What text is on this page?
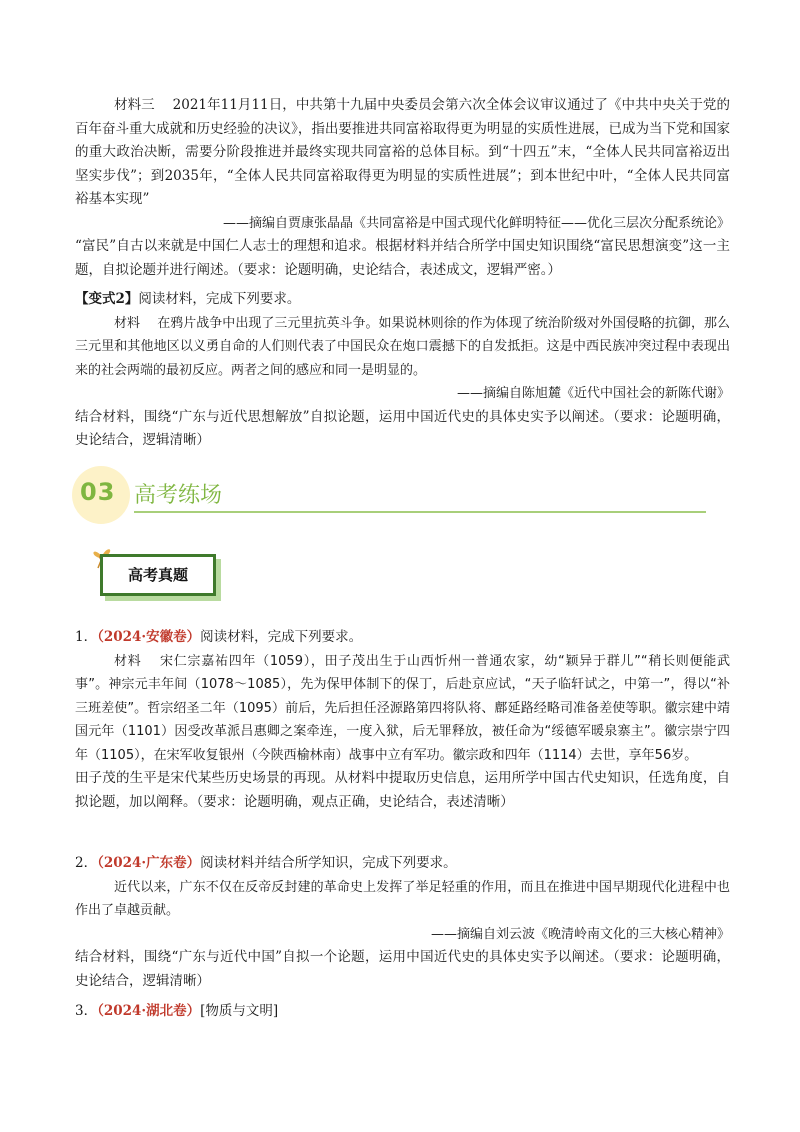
材料三　 2021年11月11日，中共第十九届中央委员会第六次全体会议审议通过了《中共中央关于党的百年奋斗重大成就和历史经验的决议》，指出要推进共同富裕取得更为明显的实质性进展，已成为当下党和国家的重大政治决断，需要分阶段推进并最终实现共同富裕的总体目标。到“十四五”末，“全体人民共同富裕迈出坚实步伐”；到2035年，“全体人民共同富裕取得更为明显的实质性进展”；到本世纪中叶，“全体人民共同富裕基本实现”

——摘编自贾康张晶晶《共同富裕是中国式现代化鲜明特征——优化三层次分配系统论》

“富民”自古以来就是中国仁人志士的理想和追求。根据材料并结合所学中国史知识围绕“富民思想演变”这一主题，自拟论题并进行阐述。（要求：论题明确，史论结合，表述成文，逻辑严密。）

【变式2】阅读材料，完成下列要求。

材料　 在鸦片战争中出现了三元里抗英斗争。如果说林则徐的作为体现了统治阶级对外国侵略的抗御，那么三元里和其他地区以义勇自命的人们则代表了中国民众在炮口震撼下的自发抵拒。这是中西民族冲突过程中表现出来的社会两端的最初反应。两者之间的感应和同一是明显的。

——摘编自陈旭麓《近代中国社会的新陈代谢》

结合材料，围绕“广东与近代思想解放”自拟论题，运用中国近代史的具体史实予以阐述。（要求：论题明确，史论结合，逻辑清晰）

03 高考练场
高考真题

1．（2024·安徽卷）阅读材料，完成下列要求。

材料　 宋仁宗嘉祐四年（1059），田子茂出生于山西忻州一普通农家，幼“颖异于群儿”“稍长则便能武事”。神宗元丰年间（1078～1085），先为保甲体制下的保丁，后赴京应试，“天子临轩试之，中第一”，得以“补三班差使”。哲宗绍圣二年（1095）前后，先后担任泾源路第四将队将、鄜延路经略司准备差使等职。徽宗建中靖国元年（1101）因受改革派吕惠卿之案牵连，一度入狱，后无罪释放，被任命为“绥德军暖泉寨主”。徽宗崇宁四年（1105），在宋军收复银州（今陕西榆林南）战事中立有军功。徽宗政和四年（1114）去世，享年56岁。

田子茂的生平是宋代某些历史场景的再现。从材料中提取历史信息，运用所学中国古代史知识，任选角度，自拟论题，加以阐释。（要求：论题明确，观点正确，史论结合，表述清晰）

2．（2024·广东卷）阅读材料并结合所学知识，完成下列要求。

近代以来，广东不仅在反帝反封建的革命史上发挥了举足轻重的作用，而且在推进中国早期现代化进程中也作出了卓越贡献。

——摘编自刘云波《晚清岭南文化的三大核心精神》

结合材料，围绕“广东与近代中国”自拟一个论题，运用中国近代史的具体史实予以阐述。（要求：论题明确，史论结合，逻辑清晰）

3．（2024·湖北卷）[物质与文明]
